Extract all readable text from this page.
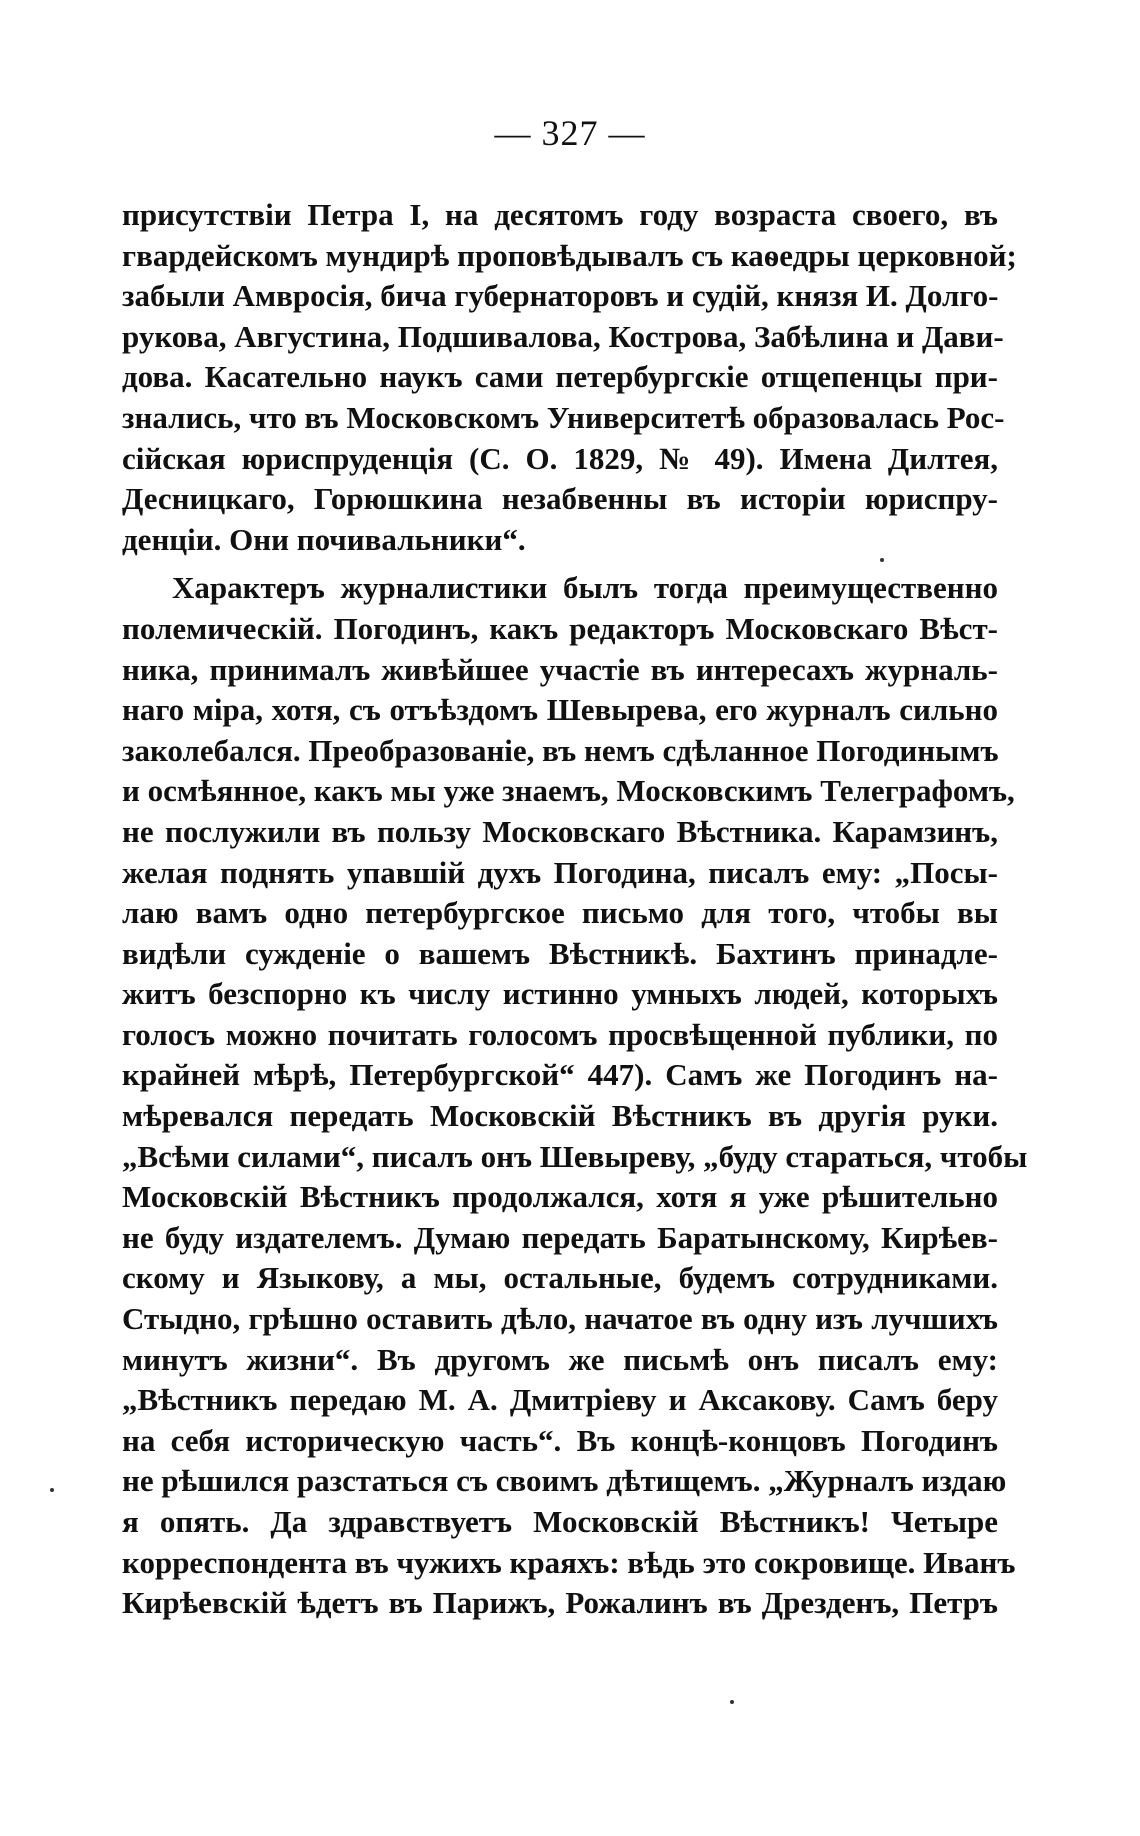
— 327 —
присутствіи Петра I, на десятомъ году возраста своего, въ
гвардейскомъ мундирѣ проповѣдывалъ съ каѳедры церковной;
забыли Амвросія, бича губернаторовъ и судій, князя И. Долго-
рукова, Августина, Подшивалова, Кострова, Забѣлина и Дави-
дова. Касательно наукъ сами петербургскіе отщепенцы при-
знались, что въ Московскомъ Университетѣ образовалась Рос-
сійская юриспруденція (С. О. 1829, № 49). Имена Дилтея,
Десницкаго, Горюшкина незабвенны въ исторіи юриспру-
денціи. Они почивальники“.
Характеръ журналистики былъ тогда преимущественно
полемическій. Погодинъ, какъ редакторъ Московскаго Вѣст-
ника, принималъ живѣйшее участіе въ интересахъ журналь-
наго міра, хотя, съ отъѣздомъ Шевырева, его журналъ сильно
заколебался. Преобразованіе, въ немъ сдѣланное Погодинымъ
и осмѣянное, какъ мы уже знаемъ, Московскимъ Телеграфомъ,
не послужили въ пользу Московскаго Вѣстника. Карамзинъ,
желая поднять упавшій духъ Погодина, писалъ ему: „Посы-
лаю вамъ одно петербургское письмо для того, чтобы вы
видѣли сужденіе о вашемъ Вѣстникѣ. Бахтинъ принадле-
житъ безспорно къ числу истинно умныхъ людей, которыхъ
голосъ можно почитать голосомъ просвѣщенной публики, по
крайней мѣрѣ, Петербургской“ 447). Самъ же Погодинъ на-
мѣревался передать Московскій Вѣстникъ въ другія руки.
„Всѣми силами“, писалъ онъ Шевыреву, „буду стараться, чтобы
Московскій Вѣстникъ продолжался, хотя я уже рѣшительно
не буду издателемъ. Думаю передать Баратынскому, Кирѣев-
скому и Языкову, а мы, остальные, будемъ сотрудниками.
Стыдно, грѣшно оставить дѣло, начатое въ одну изъ лучшихъ
минутъ жизни“. Въ другомъ же письмѣ онъ писалъ ему:
„Вѣстникъ передаю М. А. Дмитріеву и Аксакову. Самъ беру
на себя историческую часть“. Въ концѣ-концовъ Погодинъ
не рѣшился разстаться съ своимъ дѣтищемъ. „Журналъ издаю
я опять. Да здравствуетъ Московскій Вѣстникъ! Четыре
корреспондента въ чужихъ краяхъ: вѣдь это сокровище. Иванъ
Кирѣевскій ѣдетъ въ Парижъ, Рожалинъ въ Дрезденъ, Петръ
